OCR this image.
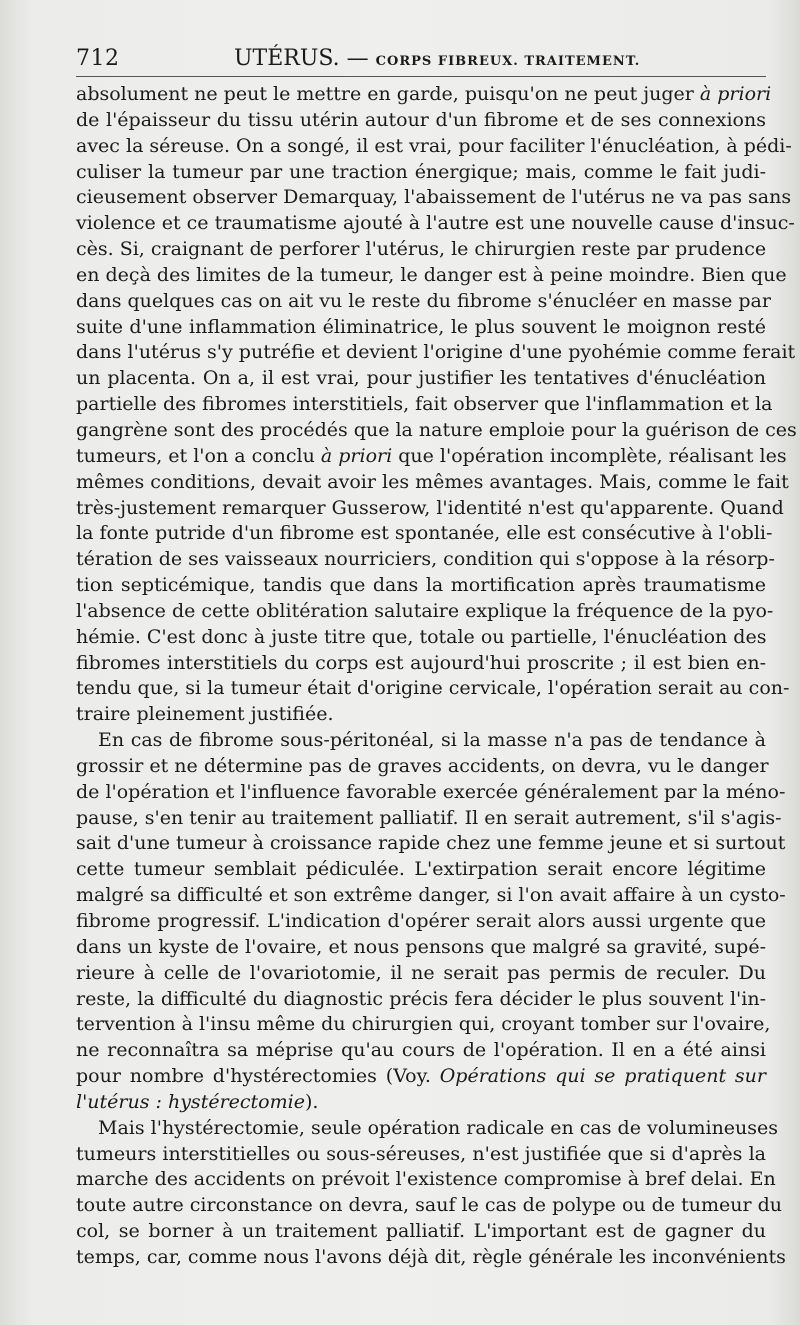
712	UTÉRUS. — CORPS FIBREUX. TRAITEMENT.
absolument ne peut le mettre en garde, puisqu'on ne peut juger à priori
de l'épaisseur du tissu utérin autour d'un fibrome et de ses connexions
avec la séreuse. On a songé, il est vrai, pour faciliter l'énucléation, à pédi-
culiser la tumeur par une traction énergique; mais, comme le fait judi-
cieusement observer Demarquay, l'abaissement de l'utérus ne va pas sans
violence et ce traumatisme ajouté à l'autre est une nouvelle cause d'insuc-
cès. Si, craignant de perforer l'utérus, le chirurgien reste par prudence
en deçà des limites de la tumeur, le danger est à peine moindre. Bien que
dans quelques cas on ait vu le reste du fibrome s'énucléer en masse par
suite d'une inflammation éliminatrice, le plus souvent le moignon resté
dans l'utérus s'y putréfie et devient l'origine d'une pyohémie comme ferait
un placenta. On a, il est vrai, pour justifier les tentatives d'énucléation
partielle des fibromes interstitiels, fait observer que l'inflammation et la
gangrène sont des procédés que la nature emploie pour la guérison de ces
tumeurs, et l'on a conclu à priori que l'opération incomplète, réalisant les
mêmes conditions, devait avoir les mêmes avantages. Mais, comme le fait
très-justement remarquer Gusserow, l'identité n'est qu'apparente. Quand
la fonte putride d'un fibrome est spontanée, elle est consécutive à l'obli-
tération de ses vaisseaux nourriciers, condition qui s'oppose à la résorp-
tion septicémique, tandis que dans la mortification après traumatisme
l'absence de cette oblitération salutaire explique la fréquence de la pyo-
hémie. C'est donc à juste titre que, totale ou partielle, l'énucléation des
fibromes interstitiels du corps est aujourd'hui proscrite ; il est bien en-
tendu que, si la tumeur était d'origine cervicale, l'opération serait au con-
traire pleinement justifiée.
En cas de fibrome sous-péritonéal, si la masse n'a pas de tendance à
grossir et ne détermine pas de graves accidents, on devra, vu le danger
de l'opération et l'influence favorable exercée généralement par la méno-
pause, s'en tenir au traitement palliatif. Il en serait autrement, s'il s'agis-
sait d'une tumeur à croissance rapide chez une femme jeune et si surtout
cette tumeur semblait pédiculée. L'extirpation serait encore légitime
malgré sa difficulté et son extrême danger, si l'on avait affaire à un cysto-
fibrome progressif. L'indication d'opérer serait alors aussi urgente que
dans un kyste de l'ovaire, et nous pensons que malgré sa gravité, supé-
rieure à celle de l'ovariotomie, il ne serait pas permis de reculer. Du
reste, la difficulté du diagnostic précis fera décider le plus souvent l'in-
tervention à l'insu même du chirurgien qui, croyant tomber sur l'ovaire,
ne reconnaîtra sa méprise qu'au cours de l'opération. Il en a été ainsi
pour nombre d'hystérectomies (Voy. Opérations qui se pratiquent sur
l'utérus : hystérectomie).
Mais l'hystérectomie, seule opération radicale en cas de volumineuses
tumeurs interstitielles ou sous-séreuses, n'est justifiée que si d'après la
marche des accidents on prévoit l'existence compromise à bref delai. En
toute autre circonstance on devra, sauf le cas de polype ou de tumeur du
col, se borner à un traitement palliatif. L'important est de gagner du
temps, car, comme nous l'avons déjà dit, règle générale les inconvénients
